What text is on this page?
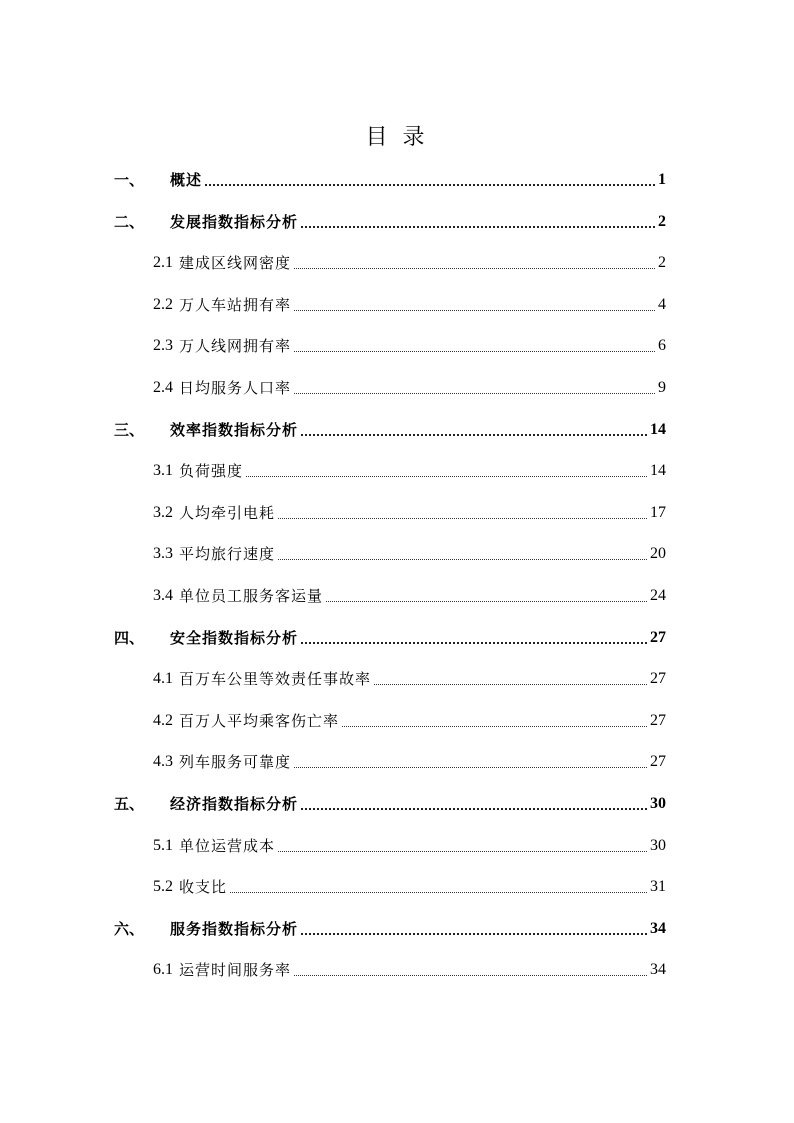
目 录
一、	概述	1
二、	发展指数指标分析	2
2.1 建成区线网密度	2
2.2 万人车站拥有率	4
2.3 万人线网拥有率	6
2.4 日均服务人口率	9
三、	效率指数指标分析	14
3.1 负荷强度	14
3.2 人均牵引电耗	17
3.3 平均旅行速度	20
3.4 单位员工服务客运量	24
四、	安全指数指标分析	27
4.1 百万车公里等效责任事故率	27
4.2 百万人平均乘客伤亡率	27
4.3 列车服务可靠度	27
五、	经济指数指标分析	30
5.1 单位运营成本	30
5.2 收支比	31
六、	服务指数指标分析	34
6.1 运营时间服务率	34
